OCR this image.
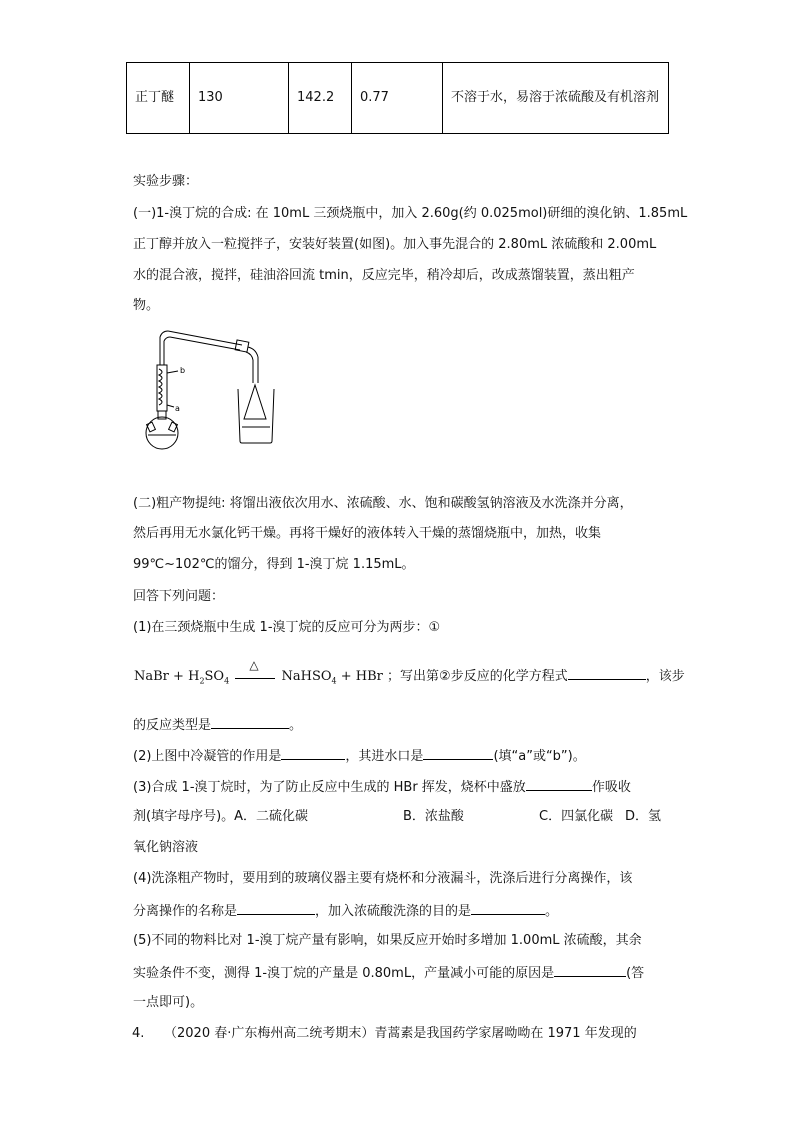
正丁醚	130	142.2	0.77	不溶于水，易溶于浓硫酸及有机溶剂
实验步骤：
(一)1-溴丁烷的合成: 在 10mL 三颈烧瓶中，加入 2.60g(约 0.025mol)研细的溴化钠、1.85mL
正丁醇并放入一粒搅拌子，安装好装置(如图)。加入事先混合的 2.80mL 浓硫酸和 2.00mL
水的混合液，搅拌，硅油浴回流 tmin，反应完毕，稍冷却后，改成蒸馏装置，蒸出粗产
物。
b
a
(二)粗产物提纯: 将馏出液依次用水、浓硫酸、水、饱和碳酸氢钠溶液及水洗涤并分离，
然后再用无水氯化钙干燥。再将干燥好的液体转入干燥的蒸馏烧瓶中，加热，收集
99℃~102℃的馏分，得到 1-溴丁烷 1.15mL。
回答下列问题：
(1)在三颈烧瓶中生成 1-溴丁烷的反应可分为两步：①
NaBr + $H_2SO_4$
△
NaHSO$_4$ + HBr ；写出第②步反应的化学方程式	，该步
的反应类型是	。
(2)上图中冷凝管的作用是	，其进水口是	(填“a”或“b”)。
(3)合成 1-溴丁烷时，为了防止反应中生成的 HBr 挥发，烧杯中盛放	作吸收
剂(填字母序号)。A．二硫化碳	B．浓盐酸	C．四氯化碳 D．氢
氧化钠溶液
(4)洗涤粗产物时，要用到的玻璃仪器主要有烧杯和分液漏斗，洗涤后进行分离操作，该
分离操作的名称是	，加入浓硫酸洗涤的目的是	。
(5)不同的物料比对 1-溴丁烷产量有影响，如果反应开始时多增加 1.00mL 浓硫酸，其余
实验条件不变，测得 1-溴丁烷的产量是 0.80mL，产量减小可能的原因是	(答
一点即可)。
4. （2020 春·广东梅州高二统考期末）青蒿素是我国药学家屠呦呦在 1971 年发现的
